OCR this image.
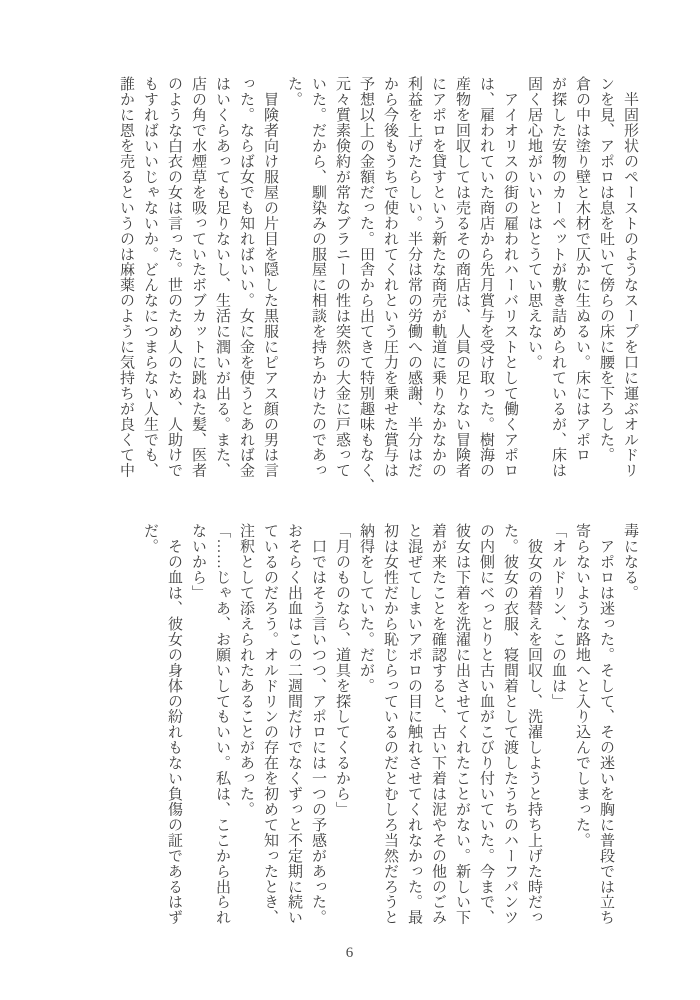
　半固形状のペーストのようなスープを口に運ぶオルドリ

ンを見、アポロは息を吐いて傍らの床に腰を下ろした。

倉の中は塗り壁と木材で仄かに生ぬるい。床にはアポロ

が探した安物のカーペットが敷き詰められているが、床は

固く居心地がいいとはとうてい思えない。

　アイオリスの街の雇われハーバリストとして働くアポロ

は、雇われていた商店から先月賞与を受け取った。樹海の

産物を回収しては売るその商店は、人員の足りない冒険者

にアポロを貸すという新たな商売が軌道に乗りなかなかの

利益を上げたらしい。半分は常の労働への感謝、半分はだ

から今後もうちで使われてくれという圧力を乗せた賞与は

予想以上の金額だった。田舎から出てきて特別趣味もなく、

元々質素倹約が常なブラニーの性は突然の大金に戸惑って

いた。だから、馴染みの服屋に相談を持ちかけたのであっ

た。

　冒険者向け服屋の片目を隠した黒服にピアス顔の男は言

った。ならば女でも知ればいい。女に金を使うとあれば金

はいくらあっても足りないし、生活に潤いが出る。また、

店の角で水煙草を吸っていたボブカットに跳ねた髪、医者

のような白衣の女は言った。世のため人のため、人助けで

もすればいいじゃないか。どんなにつまらない人生でも、

誰かに恩を売るというのは麻薬のように気持ちが良くて中

毒になる。

　アポロは迷った。そして、その迷いを胸に普段では立ち

寄らないような路地へと入り込んでしまった。

「オルドリン、この血は」

　彼女の着替えを回収し、洗濯しようと持ち上げた時だっ

た。彼女の衣服、寝間着として渡したうちのハーフパンツ

の内側にべっとりと古い血がこびり付いていた。今まで、

彼女は下着を洗濯に出させてくれたことがない。新しい下

着が来たことを確認すると、古い下着は泥やその他のごみ

と混ぜてしまいアポロの目に触れさせてくれなかった。最

初は女性だから恥じらっているのだとむしろ当然だろうと

納得をしていた。だが。

「月のものなら、道具を探してくるから」

　口ではそう言いつつ、アポロには一つの予感があった。

おそらく出血はこの二週間だけでなくずっと不定期に続い

ているのだろう。オルドリンの存在を初めて知ったとき、

注釈として添えられたあることがあった。

「……じゃあ、お願いしてもいい。私は、ここから出られ

ないから」

　その血は、彼女の身体の紛れもない負傷の証であるはず

だ。

6
